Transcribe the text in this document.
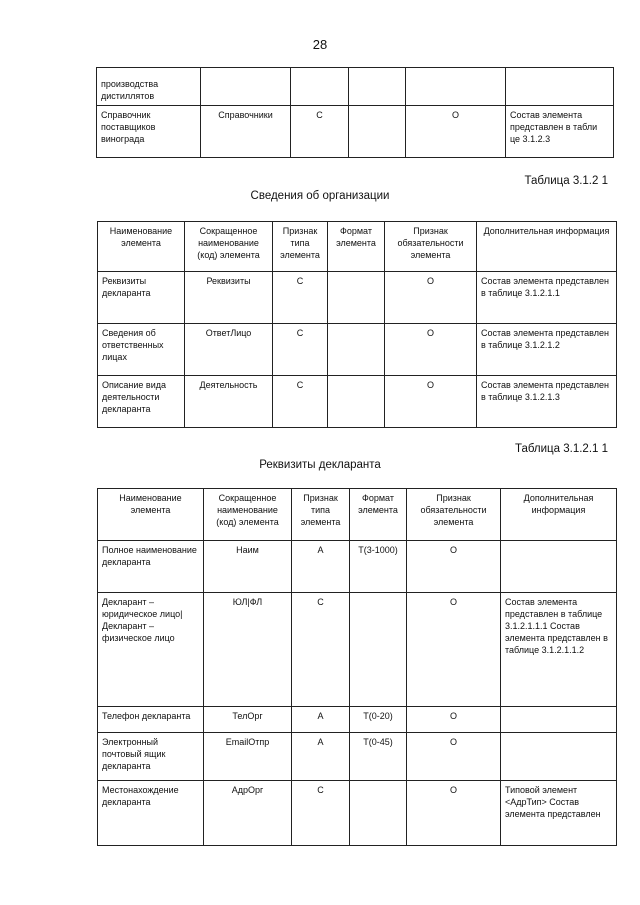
28
производства дистиллятов					
Справочник поставщиков винограда	Справочники	С		О	Состав элемента представлен в табли це 3.1.2.3
Таблица 3.1.2 1
Сведения об организации
Наименование элемента	Сокращенное наименование (код) элемента	Признак типа элемента	Формат элемента	Признак обязательности элемента	Дополнительная информация
Реквизиты декларанта	Реквизиты	С		О	Состав элемента представлен в таблице 3.1.2.1.1
Сведения об ответственных лицах	ОтветЛицо	С		О	Состав элемента представлен в таблице 3.1.2.1.2
Описание вида деятельности декларанта	Деятельность	С		О	Состав элемента представлен в таблице 3.1.2.1.3
Таблица 3.1.2.1 1
Реквизиты декларанта
Наименование элемента	Сокращенное наименование (код) элемента	Признак типа элемента	Формат элемента	Признак обязательности элемента	Дополнительная информация
Полное наименование декларанта	Наим	А	Т(3-1000)	О	
Декларант – юридическое лицо| Декларант – физическое лицо	ЮЛ|ФЛ	С		О	Состав элемента представлен в таблице 3.1.2.1.1.1 Состав элемента представлен в таблице 3.1.2.1.1.2
Телефон декларанта	ТелОрг	А	Т(0-20)	О	
Электронный почтовый ящик декларанта	EmailОтпр	А	Т(0-45)	О	
Местонахождение декларанта	АдрОрг	С		О	Типовой элемент <АдрТип> Состав элемента представлен
